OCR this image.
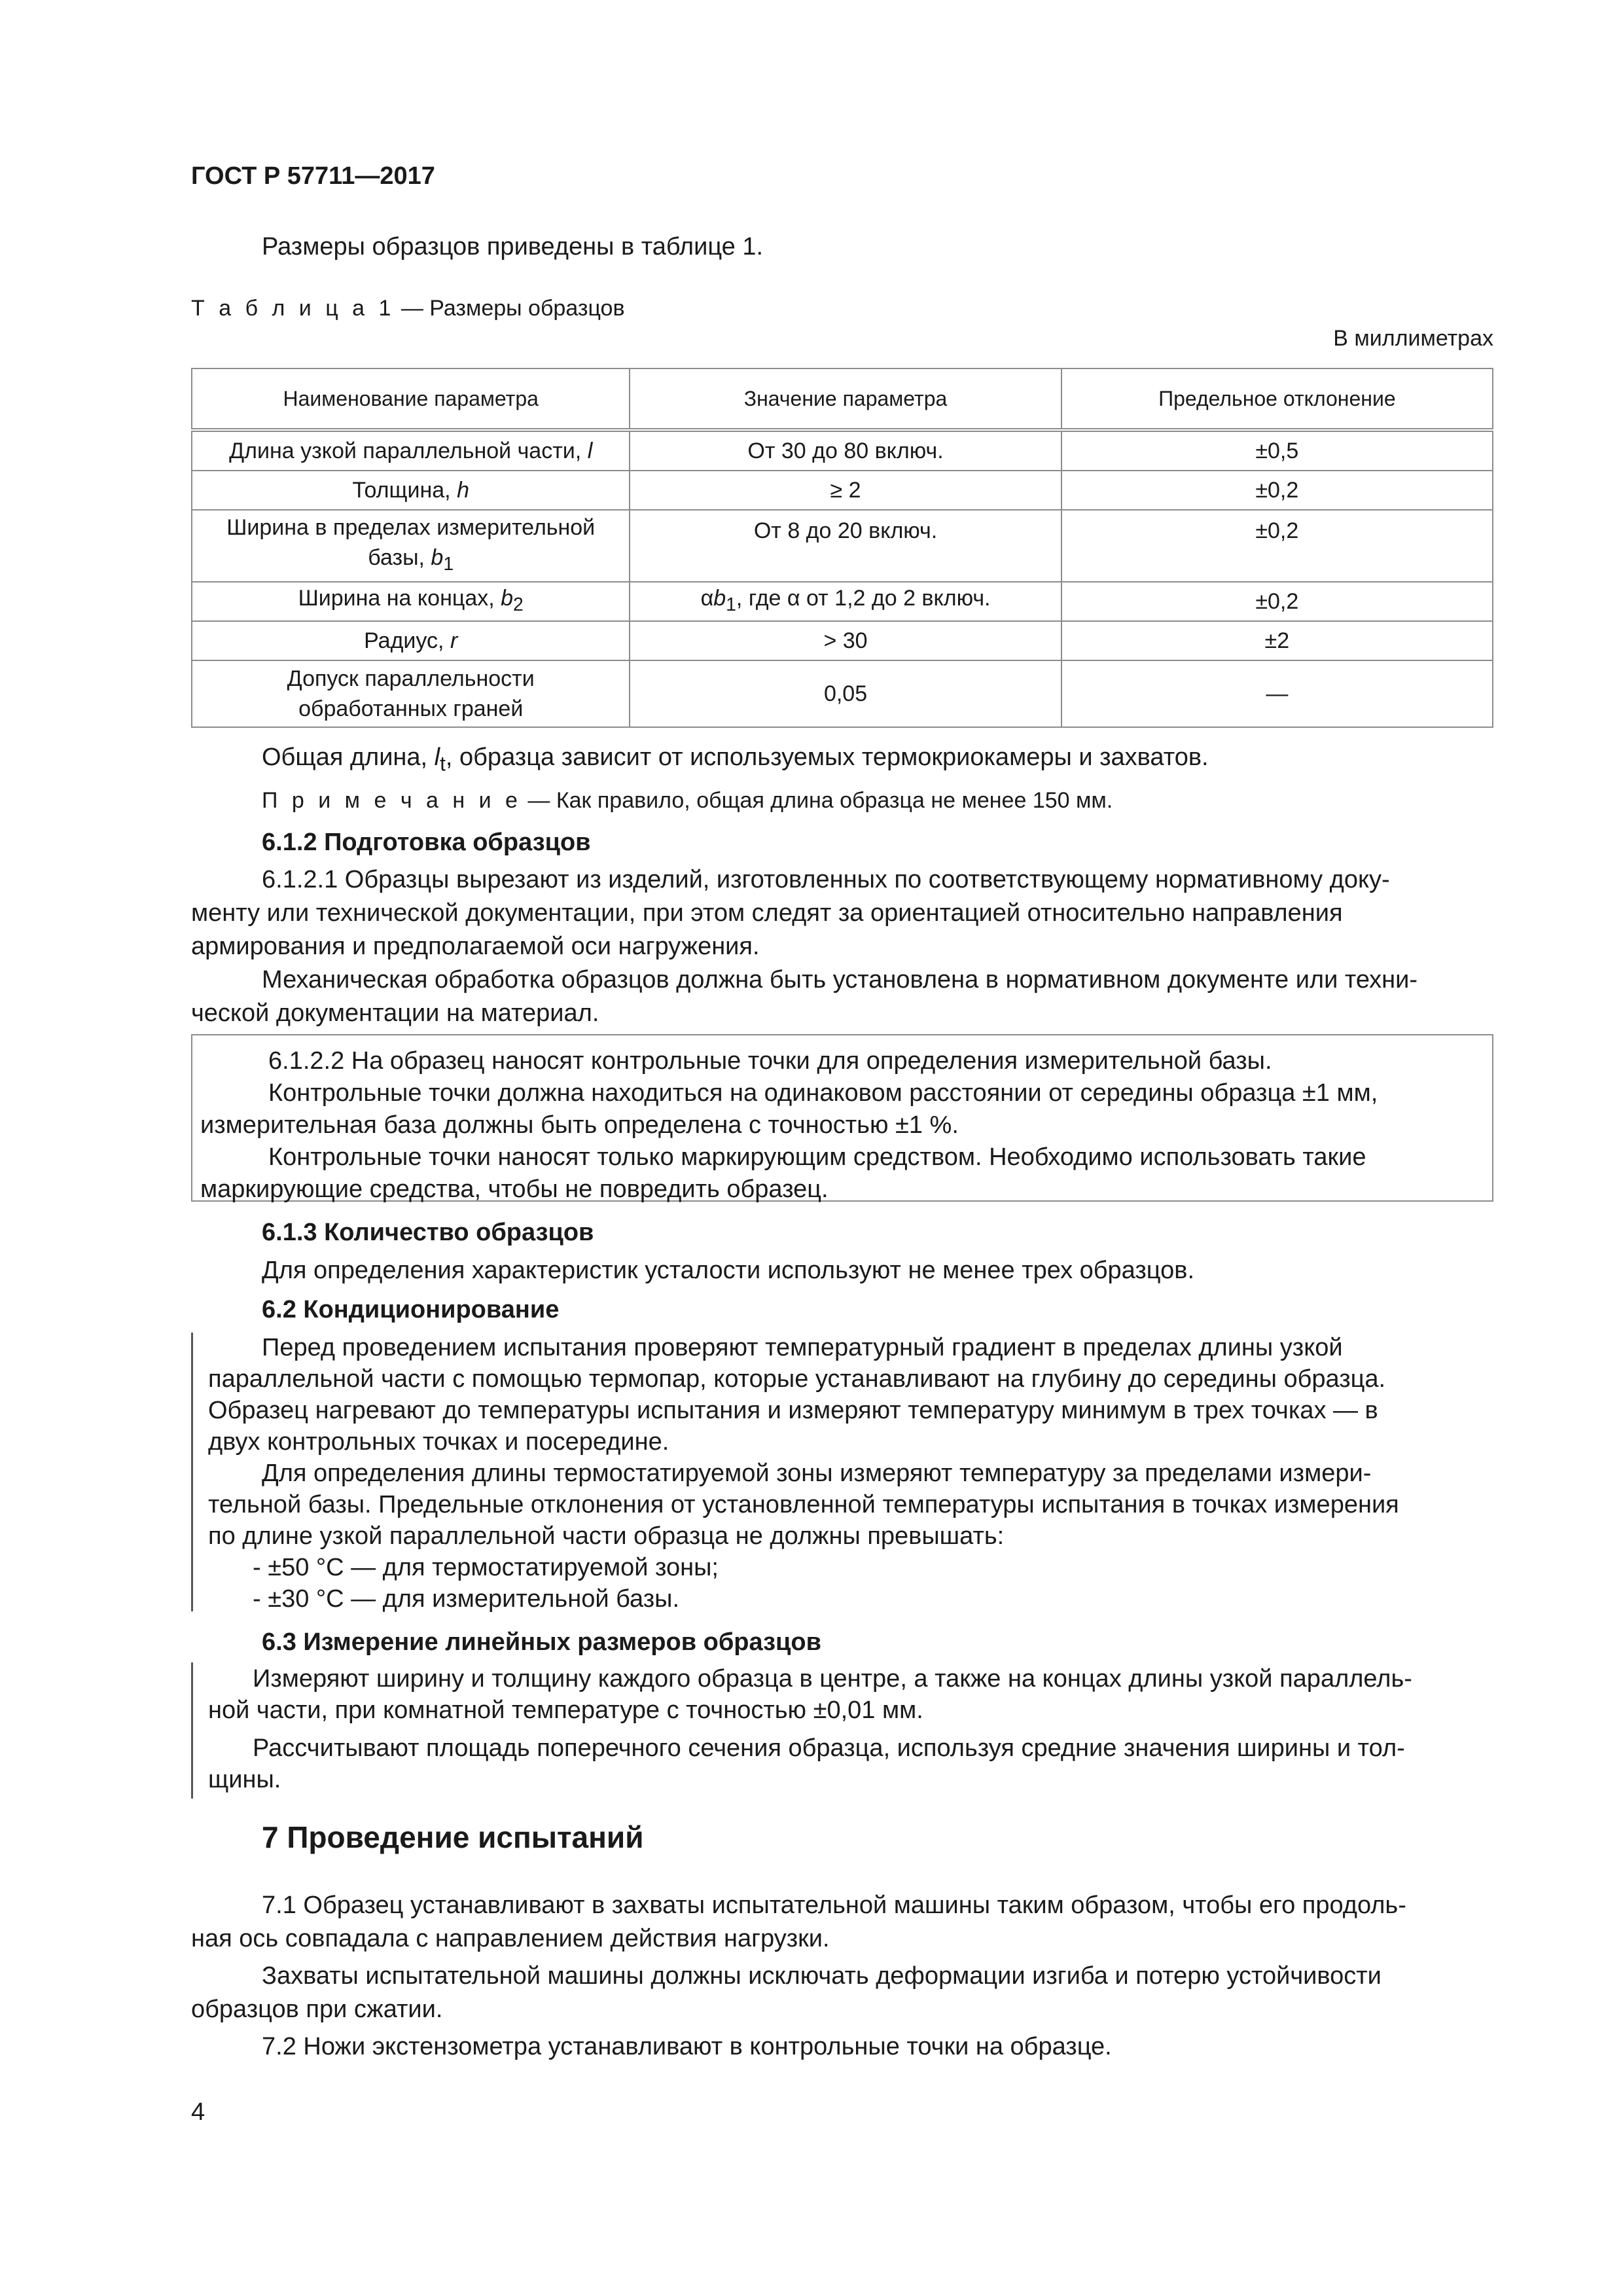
ГОСТ Р 57711—2017
Размеры образцов приведены в таблице 1.
Т а б л и ц а 1 — Размеры образцов
В миллиметрах
Наименование параметра	Значение параметра	Предельное отклонение
Длина узкой параллельной части, l	От 30 до 80 включ.	±0,5
Толщина, h	≥ 2	±0,2
Ширина в пределах измерительной
базы, $b_1$	От 8 до 20 включ.	±0,2
Ширина на концах, $b_2$	$\alpha b_1$, где α от 1,2 до 2 включ.	±0,2
Радиус, r	> 30	±2
Допуск параллельности
обработанных граней	0,05	—
Общая длина, $l_t$, образца зависит от используемых термокриокамеры и захватов.
П р и м е ч а н и е — Как правило, общая длина образца не менее 150 мм.
6.1.2 Подготовка образцов
6.1.2.1 Образцы вырезают из изделий, изготовленных по соответствующему нормативному доку-
менту или технической документации, при этом следят за ориентацией относительно направления
армирования и предполагаемой оси нагружения.
Механическая обработка образцов должна быть установлена в нормативном документе или техни-
ческой документации на материал.
6.1.2.2 На образец наносят контрольные точки для определения измерительной базы.
Контрольные точки должна находиться на одинаковом расстоянии от середины образца ±1 мм,
измерительная база должны быть определена с точностью ±1 %.
Контрольные точки наносят только маркирующим средством. Необходимо использовать такие
маркирующие средства, чтобы не повредить образец.
6.1.3 Количество образцов
Для определения характеристик усталости используют не менее трех образцов.
6.2 Кондиционирование
Перед проведением испытания проверяют температурный градиент в пределах длины узкой
параллельной части с помощью термопар, которые устанавливают на глубину до середины образца.
Образец нагревают до температуры испытания и измеряют температуру минимум в трех точках — в
двух контрольных точках и посередине.
Для определения длины термостатируемой зоны измеряют температуру за пределами измери-
тельной базы. Предельные отклонения от установленной температуры испытания в точках измерения
по длине узкой параллельной части образца не должны превышать:
- ±50 °С — для термостатируемой зоны;
- ±30 °С — для измерительной базы.
6.3 Измерение линейных размеров образцов
Измеряют ширину и толщину каждого образца в центре, а также на концах длины узкой параллель-
ной части, при комнатной температуре с точностью ±0,01 мм.
Рассчитывают площадь поперечного сечения образца, используя средние значения ширины и тол-
щины.
7 Проведение испытаний
7.1 Образец устанавливают в захваты испытательной машины таким образом, чтобы его продоль-
ная ось совпадала с направлением действия нагрузки.
Захваты испытательной машины должны исключать деформации изгиба и потерю устойчивости
образцов при сжатии.
7.2 Ножи экстензометра устанавливают в контрольные точки на образце.
4
